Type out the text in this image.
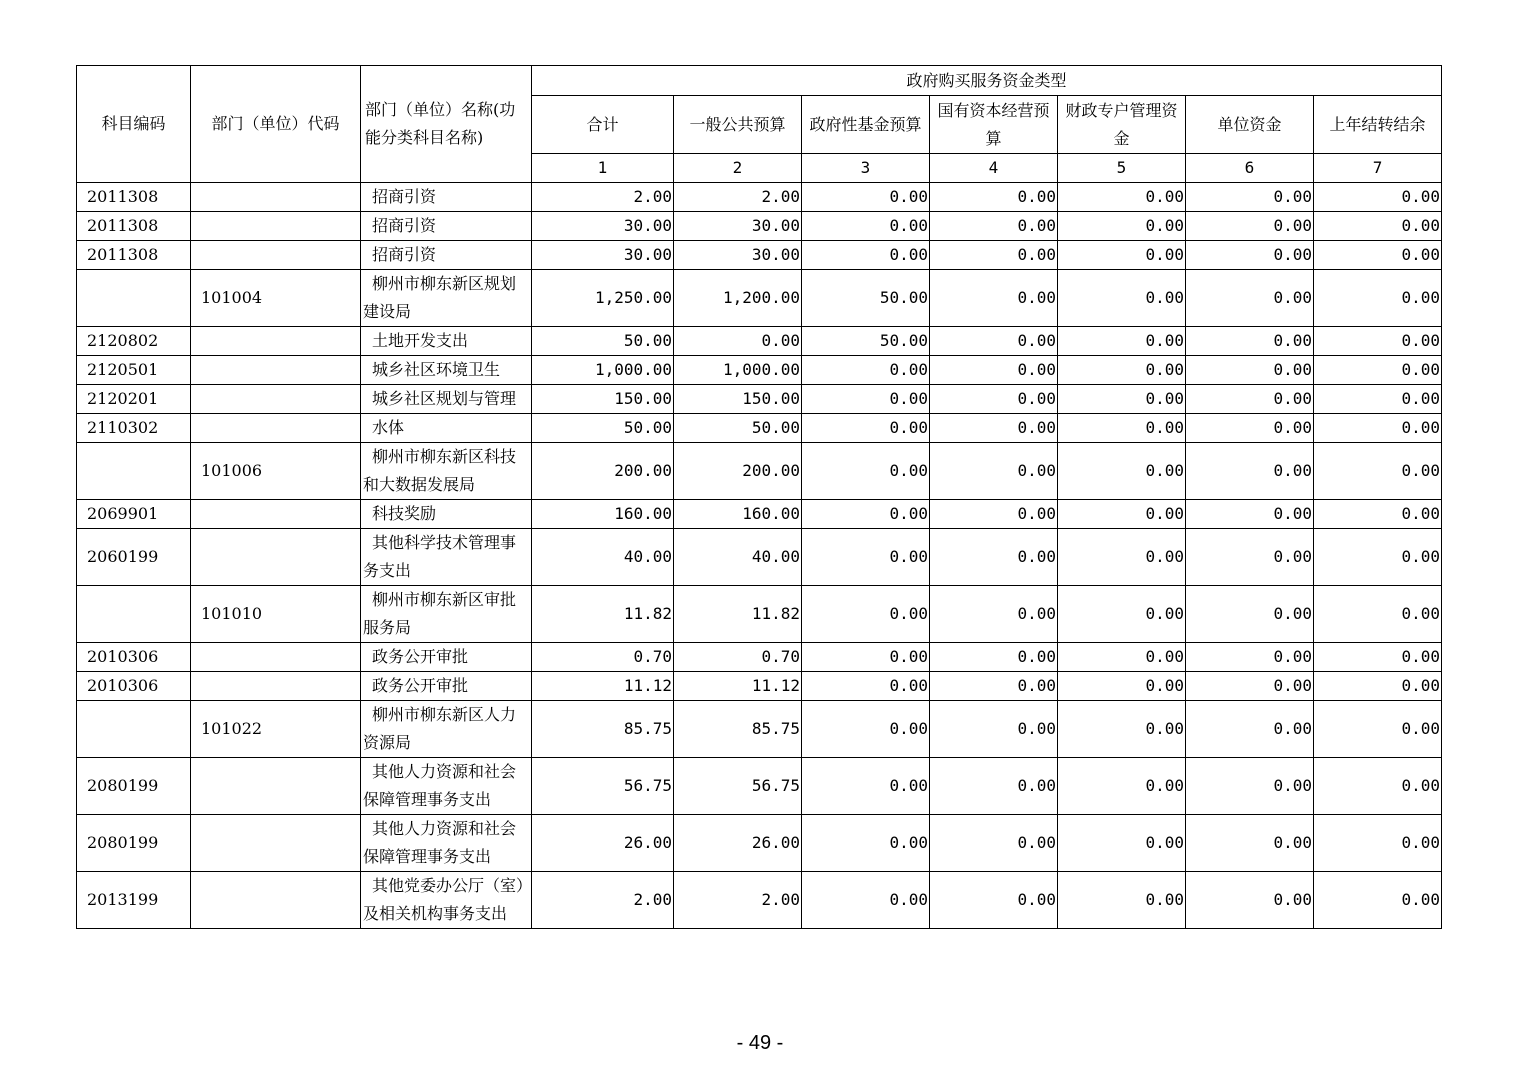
科目编码	部门（单位）代码	部门（单位）名称(功能分类科目名称)	政府购买服务资金类型						
			合计	一般公共预算	政府性基金预算	国有资本经营预算	财政专户管理资金	单位资金	上年结转结余
			1	2	3	4	5	6	7
2011308		招商引资	2.00	2.00	0.00	0.00	0.00	0.00	0.00
2011308		招商引资	30.00	30.00	0.00	0.00	0.00	0.00	0.00
2011308		招商引资	30.00	30.00	0.00	0.00	0.00	0.00	0.00
	101004	柳州市柳东新区规划建设局	1,250.00	1,200.00	50.00	0.00	0.00	0.00	0.00
2120802		土地开发支出	50.00	0.00	50.00	0.00	0.00	0.00	0.00
2120501		城乡社区环境卫生	1,000.00	1,000.00	0.00	0.00	0.00	0.00	0.00
2120201		城乡社区规划与管理	150.00	150.00	0.00	0.00	0.00	0.00	0.00
2110302		水体	50.00	50.00	0.00	0.00	0.00	0.00	0.00
	101006	柳州市柳东新区科技和大数据发展局	200.00	200.00	0.00	0.00	0.00	0.00	0.00
2069901		科技奖励	160.00	160.00	0.00	0.00	0.00	0.00	0.00
2060199		其他科学技术管理事务支出	40.00	40.00	0.00	0.00	0.00	0.00	0.00
	101010	柳州市柳东新区审批服务局	11.82	11.82	0.00	0.00	0.00	0.00	0.00
2010306		政务公开审批	0.70	0.70	0.00	0.00	0.00	0.00	0.00
2010306		政务公开审批	11.12	11.12	0.00	0.00	0.00	0.00	0.00
	101022	柳州市柳东新区人力资源局	85.75	85.75	0.00	0.00	0.00	0.00	0.00
2080199		其他人力资源和社会保障管理事务支出	56.75	56.75	0.00	0.00	0.00	0.00	0.00
2080199		其他人力资源和社会保障管理事务支出	26.00	26.00	0.00	0.00	0.00	0.00	0.00
2013199		其他党委办公厅（室）及相关机构事务支出	2.00	2.00	0.00	0.00	0.00	0.00	0.00
- 49 -
